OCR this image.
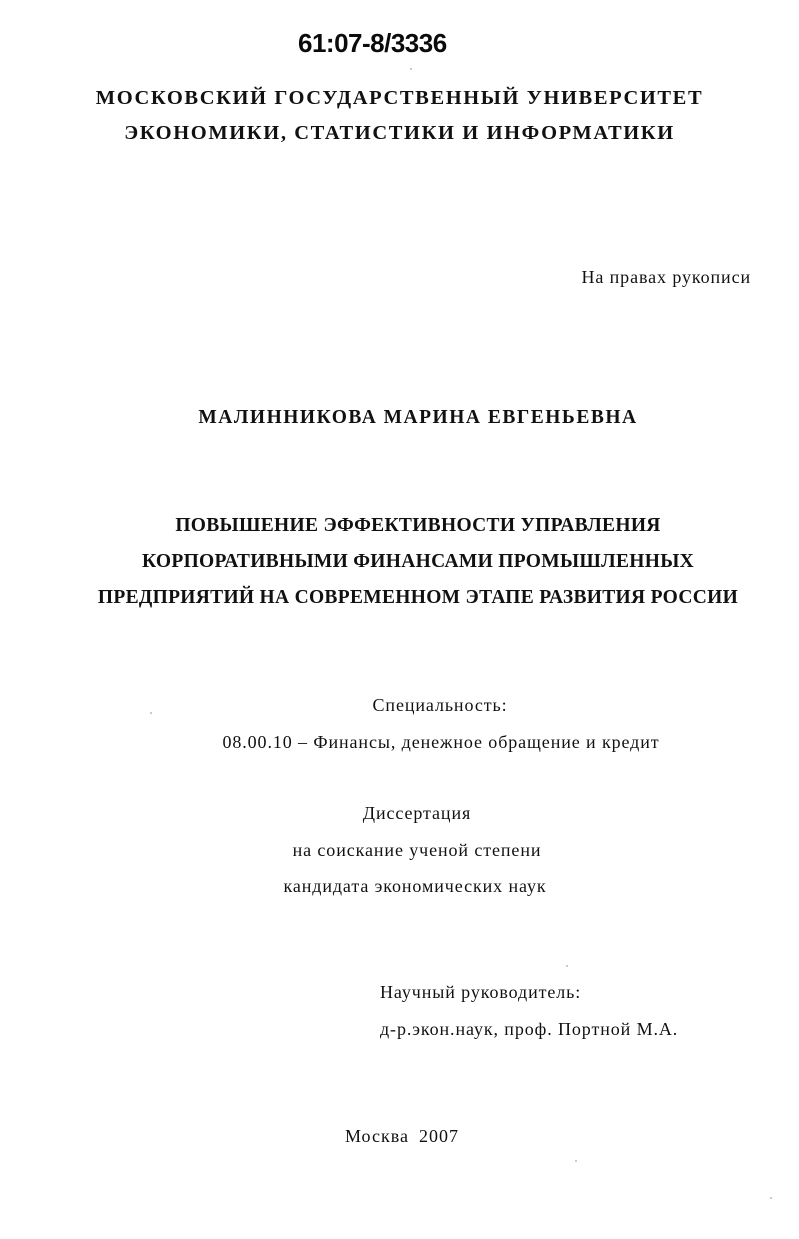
61:07-8/3336
МОСКОВСКИЙ ГОСУДАРСТВЕННЫЙ УНИВЕРСИТЕТ
ЭКОНОМИКИ, СТАТИСТИКИ И ИНФОРМАТИКИ
На правах рукописи
МАЛИННИКОВА МАРИНА ЕВГЕНЬЕВНА
ПОВЫШЕНИЕ ЭФФЕКТИВНОСТИ УПРАВЛЕНИЯ
КОРПОРАТИВНЫМИ ФИНАНСАМИ ПРОМЫШЛЕННЫХ
ПРЕДПРИЯТИЙ НА СОВРЕМЕННОМ ЭТАПЕ РАЗВИТИЯ РОССИИ
Специальность:
08.00.10 – Финансы, денежное обращение и кредит
Диссертация
на соискание ученой степени
кандидата экономических наук
Научный руководитель:
д-р.экон.наук, проф. Портной М.А.
Москва 2007
